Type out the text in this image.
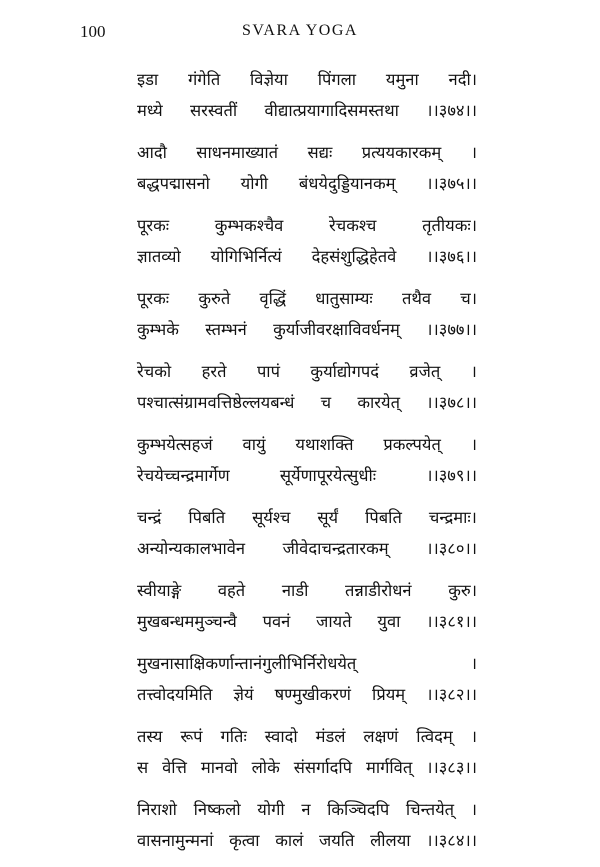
100	SVARA YOGA
इडा गंगेति विज्ञेया पिंगला यमुना नदी।
मध्ये सरस्वतीं वीद्यात्प्रयागादिसमस्तथा ।।३७४।।
आदौ साधनमाख्यातं सद्यः प्रत्ययकारकम् ।
बद्धपद्मासनो योगी बंधयेदुड्डियानकम् ।।३७५।।
पूरकः	कुम्भकश्चैव	रेचकश्च	तृतीयकः।
ज्ञातव्यो योगिभिर्नित्यं देहसंशुद्धिहेतवे ।।३७६।।
पूरकः कुरुते वृद्धिं धातुसाम्यः तथैव च।
कुम्भके स्तम्भनं कुर्याजीवरक्षाविवर्धनम् ।।३७७।।
रेचको हरते पापं कुर्याद्योगपदं व्रजेत् ।
पश्चात्संग्रामवत्तिष्ठेल्लयबन्धं च कारयेत् ।।३७८।।
कुम्भयेत्सहजं वायुं यथाशक्ति प्रकल्पयेत् ।
रेचयेच्चन्द्रमार्गेण	सूर्येणापूरयेत्सुधीः	।।३७९।।
चन्द्रं पिबति सूर्यश्च सूर्यं पिबति चन्द्रमाः।
अन्योन्यकालभावेन जीवेदाचन्द्रतारकम् ।।३८०।।
स्वीयाङ्गे वहते नाडी तन्नाडीरोधनं कुरु।
मुखबन्धममुञ्चन्वै पवनं जायते युवा ।।३८१।।
मुखनासाक्षिकर्णान्तानंगुलीभिर्निरोधयेत्	।
तत्त्वोदयमिति ज्ञेयं षण्मुखीकरणं प्रियम् ।।३८२।।
तस्य रूपं गतिः स्वादो मंडलं लक्षणं त्विदम् ।
स वेत्ति मानवो लोके संसर्गादपि मार्गवित् ।।३८३।।
निराशो निष्कलो योगी न किञ्चिदपि चिन्तयेत् ।
वासनामुन्मनां कृत्वा कालं जयति लीलया ।।३८४।।
